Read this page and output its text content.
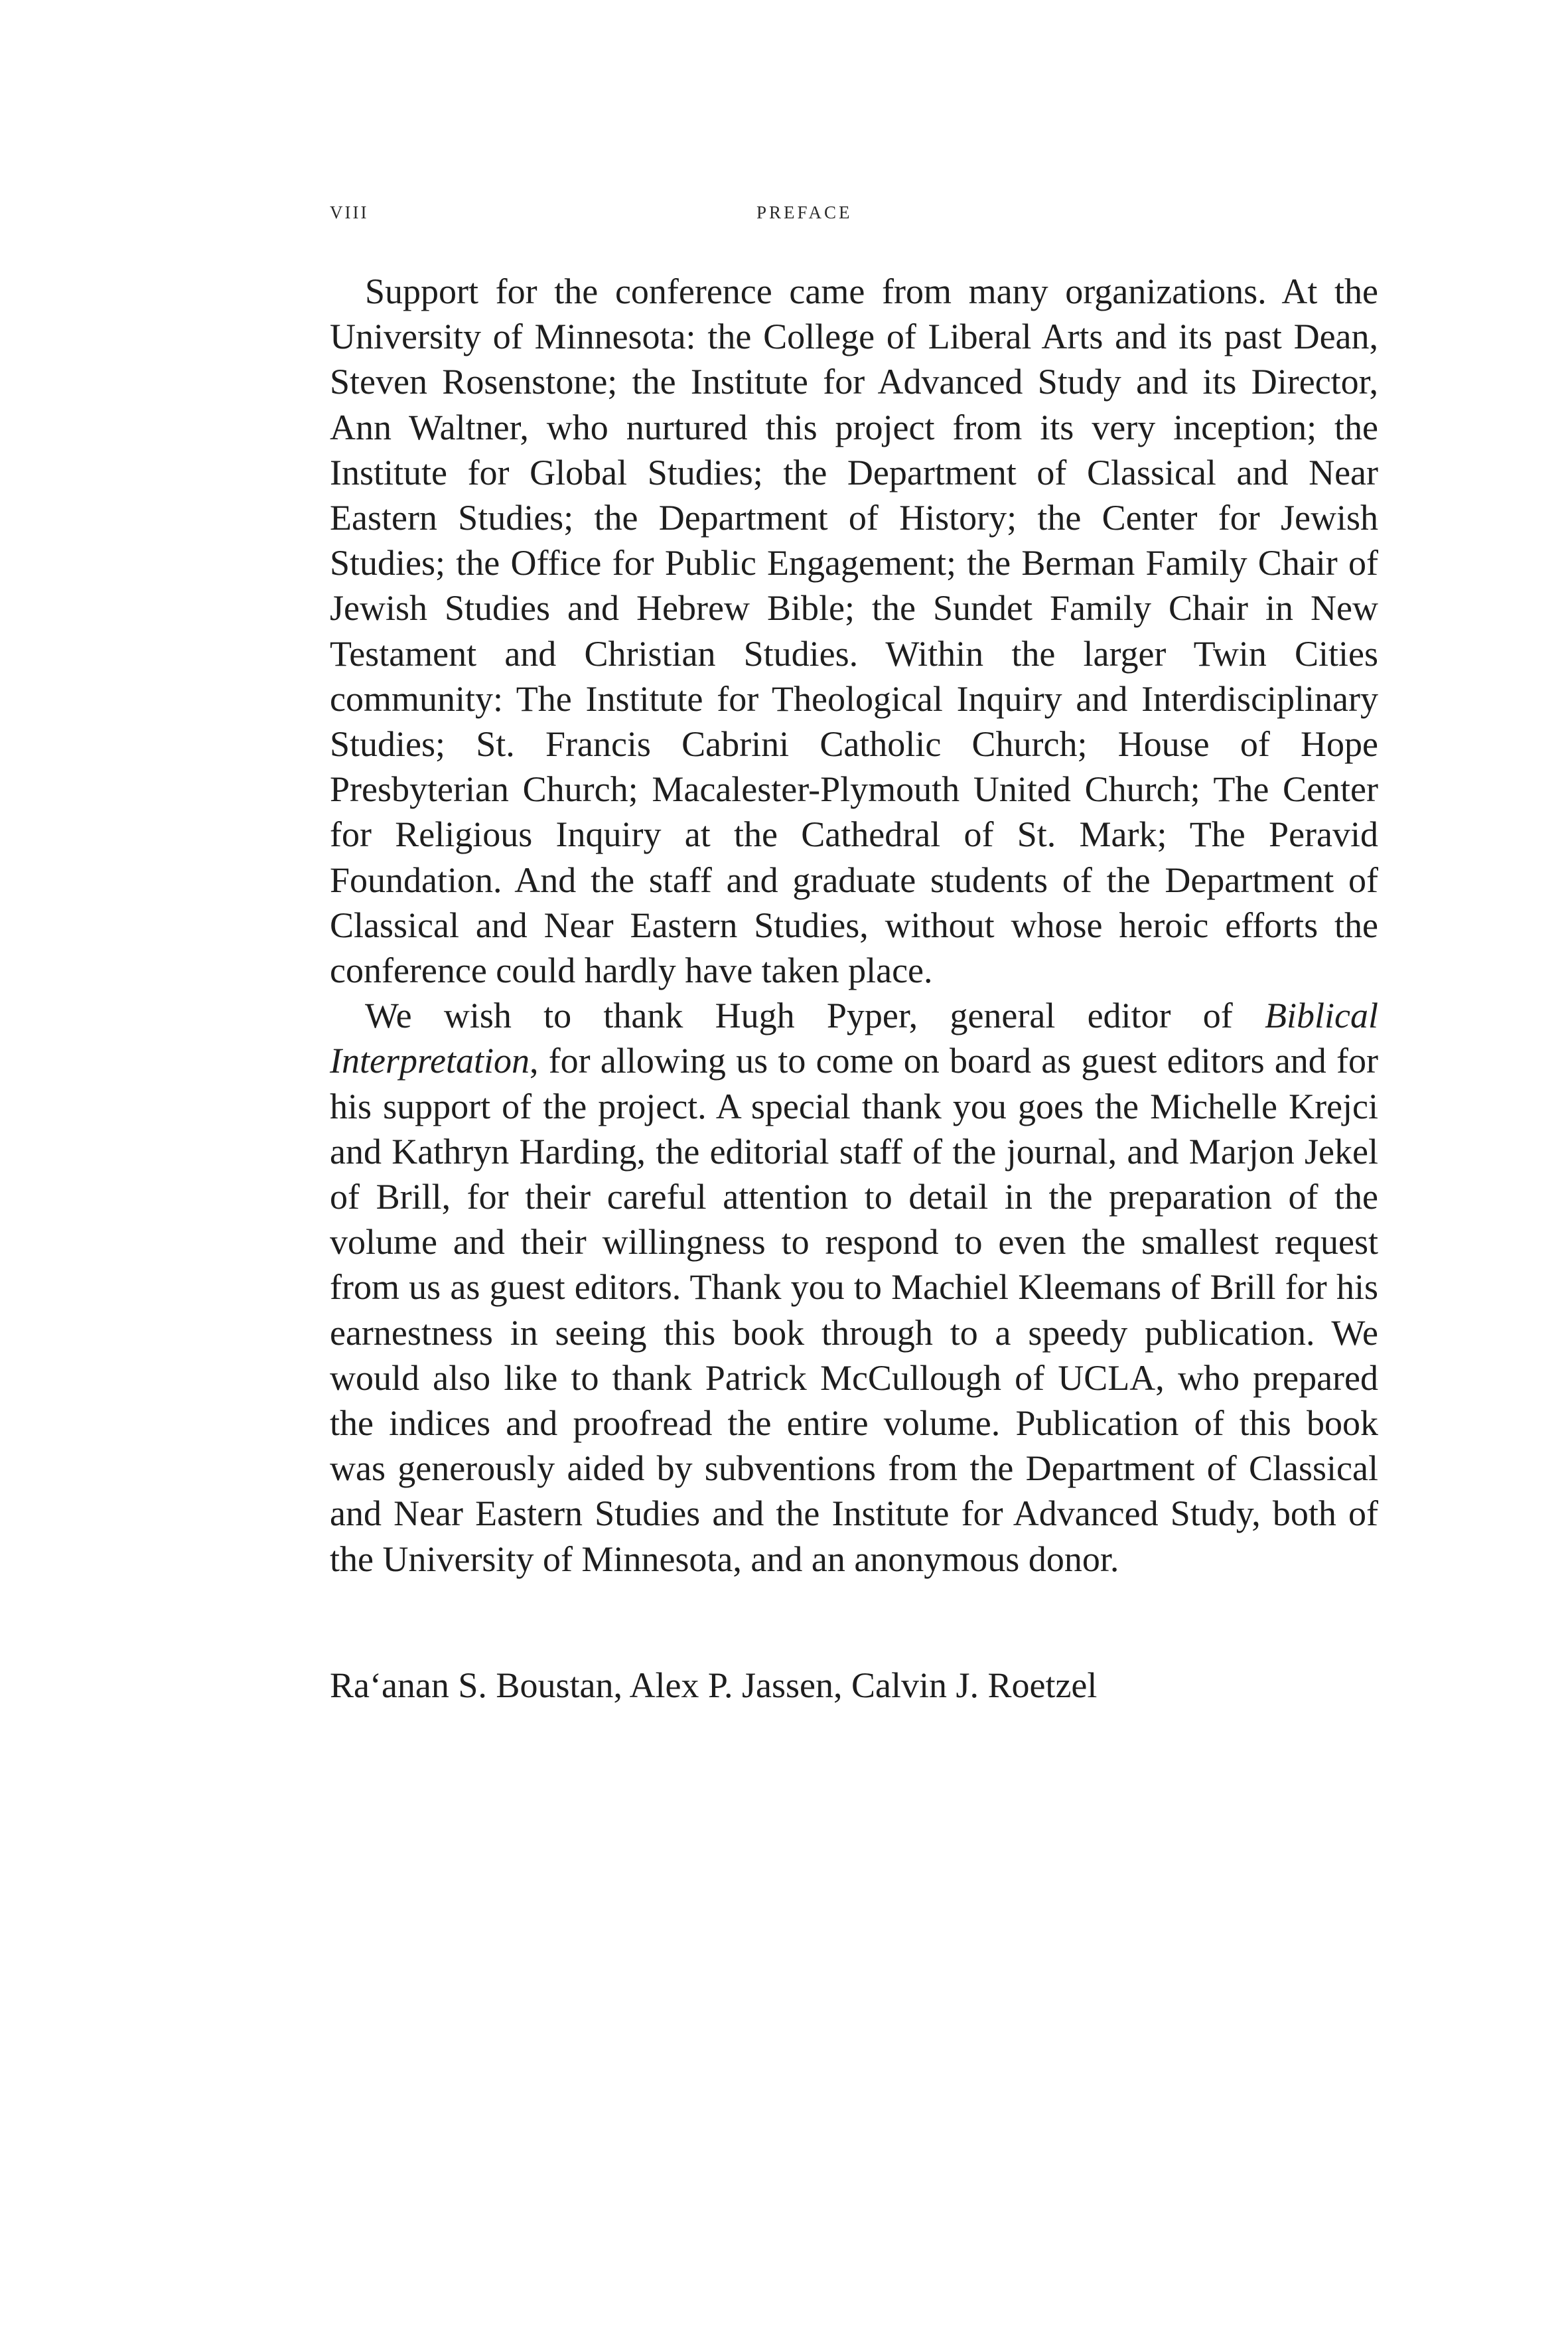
VIII	PREFACE

Support for the conference came from many organizations. At the University of Minnesota: the College of Liberal Arts and its past Dean, Steven Rosenstone; the Institute for Advanced Study and its Director, Ann Waltner, who nurtured this project from its very inception; the Institute for Global Studies; the Department of Classical and Near Eastern Studies; the Department of History; the Center for Jewish Studies; the Office for Public Engagement; the Berman Family Chair of Jewish Studies and Hebrew Bible; the Sundet Family Chair in New Testament and Christian Studies. Within the larger Twin Cities community: The Institute for Theological Inquiry and Interdisciplinary Studies; St. Francis Cabrini Catholic Church; House of Hope Presbyterian Church; Macalester-Plymouth United Church; The Center for Religious Inquiry at the Cathedral of St. Mark; The Peravid Foundation. And the staff and graduate students of the Department of Classical and Near Eastern Studies, without whose heroic efforts the conference could hardly have taken place.

We wish to thank Hugh Pyper, general editor of Biblical Interpretation, for allowing us to come on board as guest editors and for his support of the project. A special thank you goes the Michelle Krejci and Kathryn Harding, the editorial staff of the journal, and Marjon Jekel of Brill, for their careful attention to detail in the preparation of the volume and their willingness to respond to even the smallest request from us as guest editors. Thank you to Machiel Kleemans of Brill for his earnestness in seeing this book through to a speedy publication. We would also like to thank Patrick McCullough of UCLA, who prepared the indices and proofread the entire volume. Publication of this book was generously aided by subventions from the Department of Classical and Near Eastern Studies and the Institute for Advanced Study, both of the University of Minnesota, and an anonymous donor.

Ra‘anan S. Boustan, Alex P. Jassen, Calvin J. Roetzel
